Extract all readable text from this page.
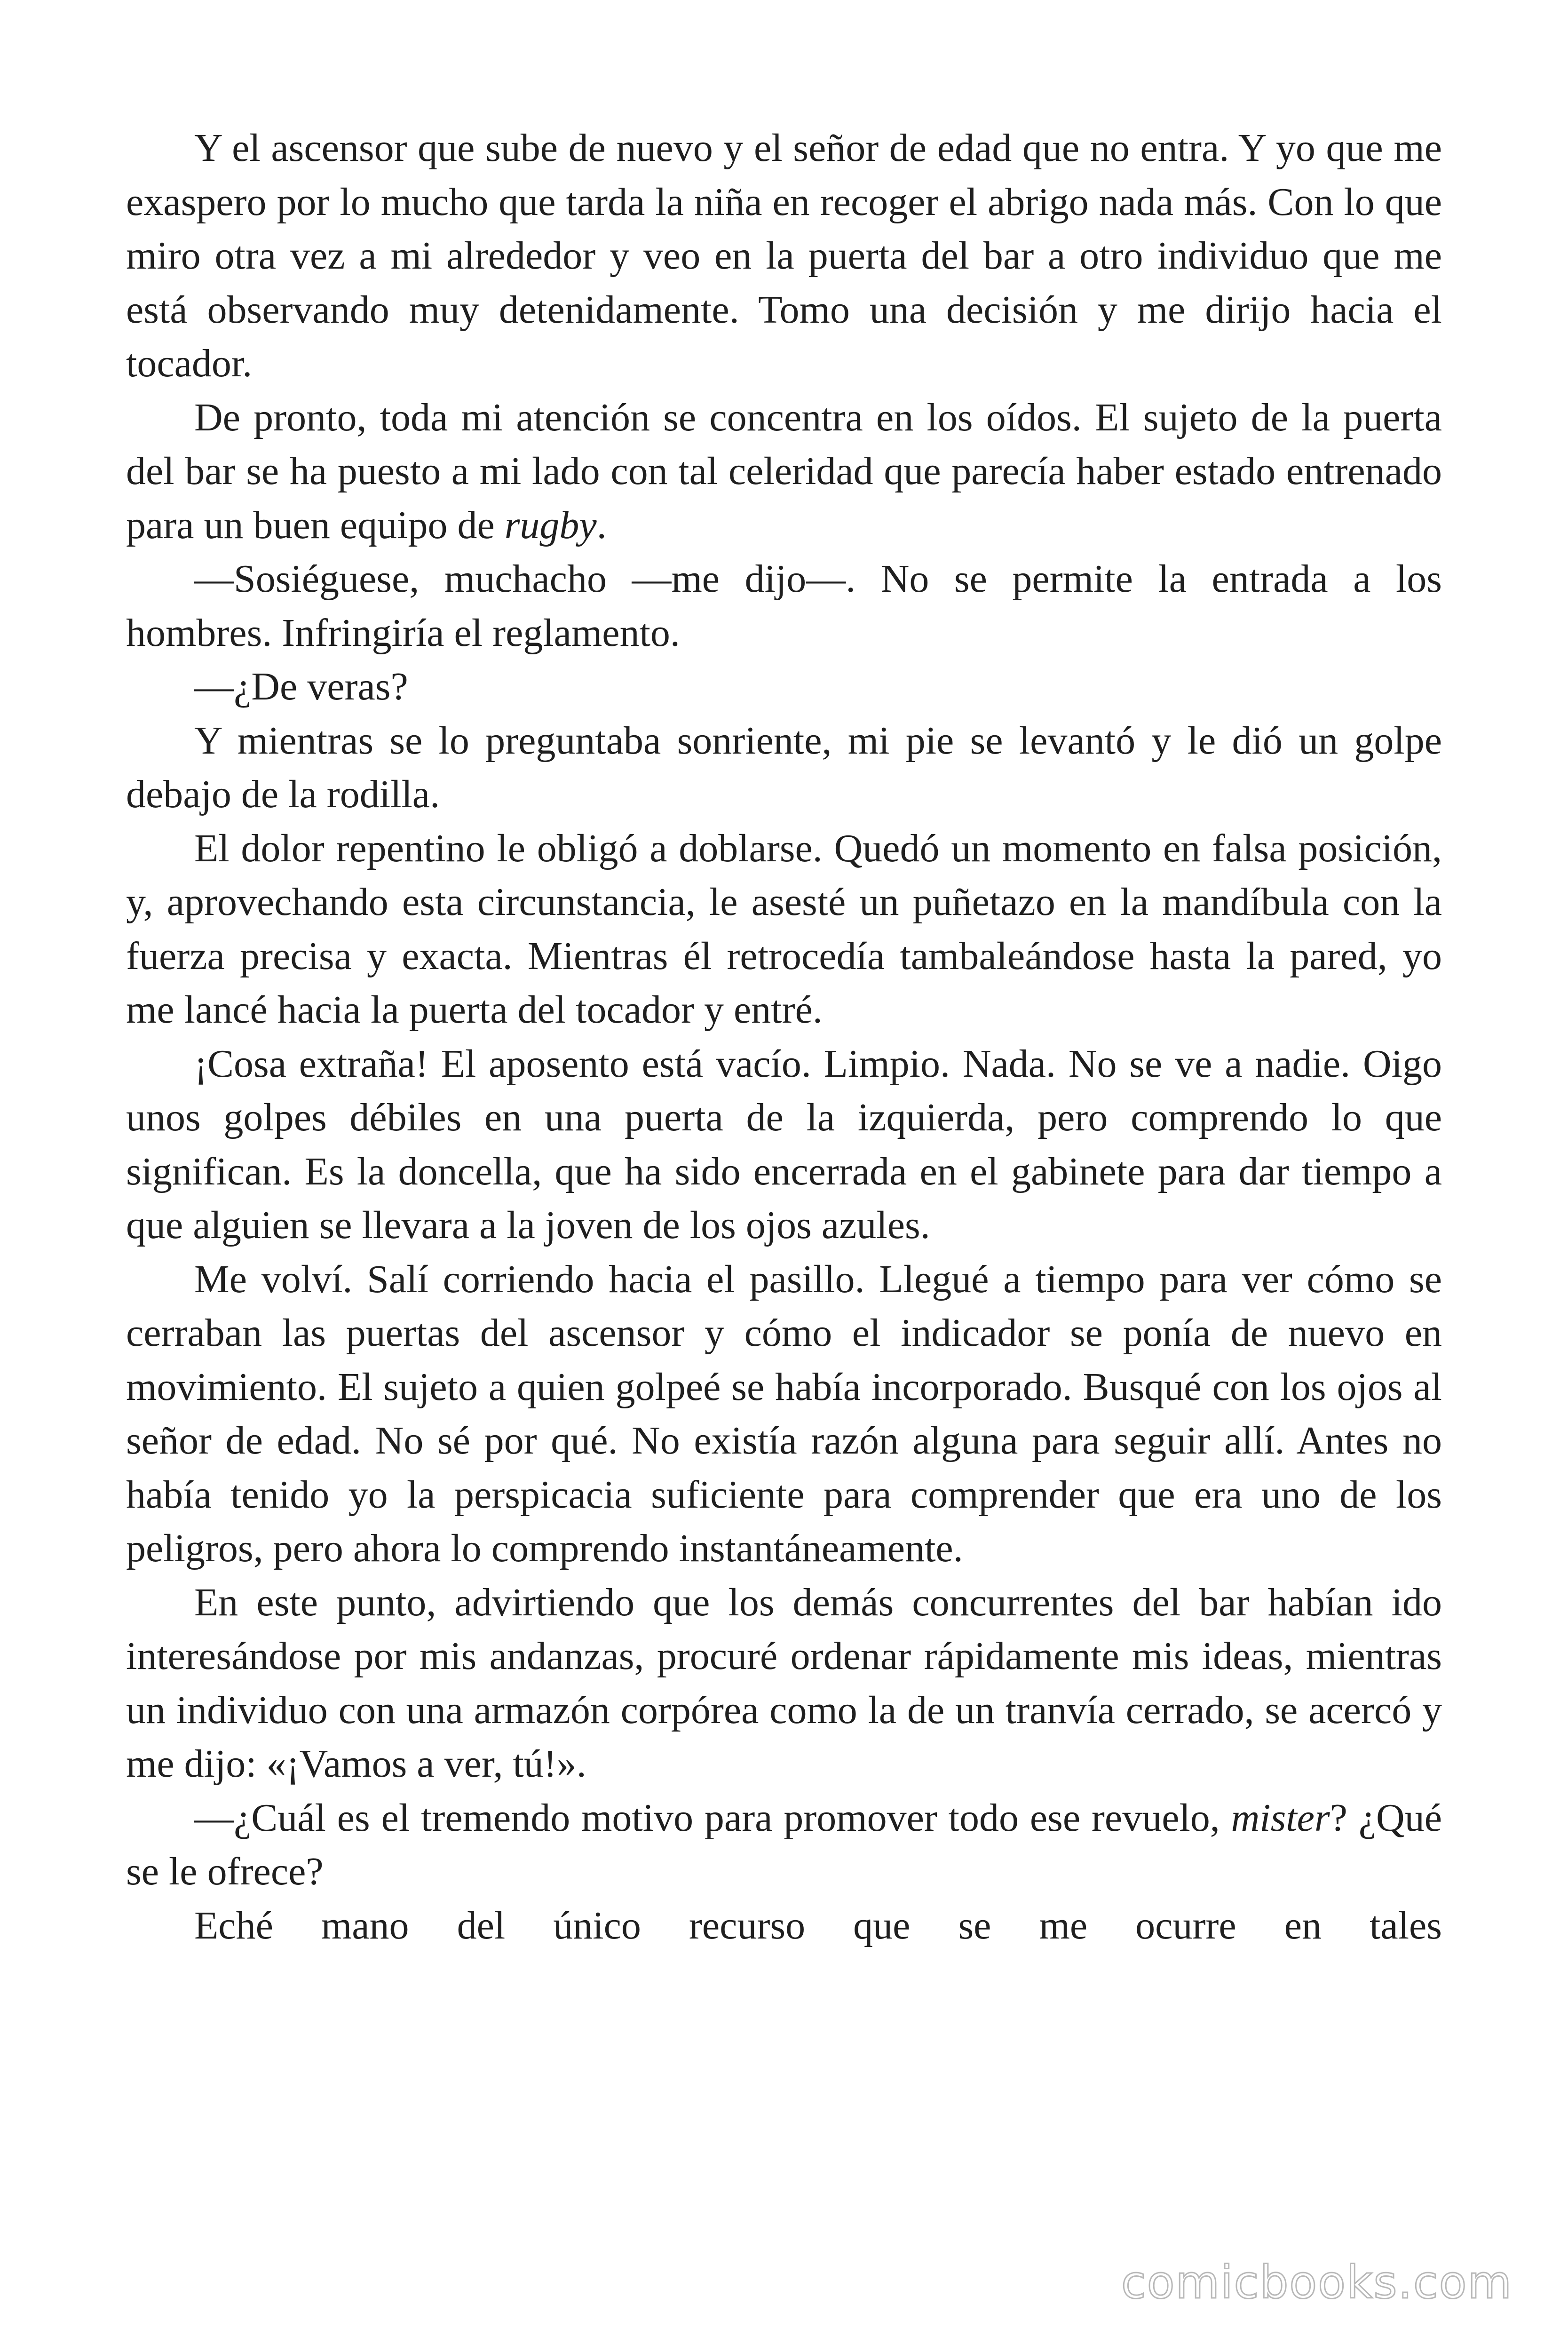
Y el ascensor que sube de nuevo y el señor de edad que no entra. Y yo que me exaspero por lo mucho que tarda la niña en recoger el abrigo nada más. Con lo que miro otra vez a mi alrededor y veo en la puerta del bar a otro individuo que me está observando muy detenidamente. Tomo una decisión y me dirijo hacia el tocador.

De pronto, toda mi atención se concentra en los oídos. El sujeto de la puerta del bar se ha puesto a mi lado con tal celeridad que parecía haber estado entrenado para un buen equipo de rugby.

—Sosiéguese, muchacho —me dijo—. No se permite la entrada a los hombres. Infringiría el reglamento.

—¿De veras?

Y mientras se lo preguntaba sonriente, mi pie se levantó y le dió un golpe debajo de la rodilla.

El dolor repentino le obligó a doblarse. Quedó un momento en falsa posición, y, aprovechando esta circunstancia, le asesté un puñetazo en la mandíbula con la fuerza precisa y exacta. Mientras él retrocedía tambaleándose hasta la pared, yo me lancé hacia la puerta del tocador y entré.

¡Cosa extraña! El aposento está vacío. Limpio. Nada. No se ve a nadie. Oigo unos golpes débiles en una puerta de la izquierda, pero comprendo lo que significan. Es la doncella, que ha sido encerrada en el gabinete para dar tiempo a que alguien se llevara a la joven de los ojos azules.

Me volví. Salí corriendo hacia el pasillo. Llegué a tiempo para ver cómo se cerraban las puertas del ascensor y cómo el indicador se ponía de nuevo en movimiento. El sujeto a quien golpeé se había incorporado. Busqué con los ojos al señor de edad. No sé por qué. No existía razón alguna para seguir allí. Antes no había tenido yo la perspicacia suficiente para comprender que era uno de los peligros, pero ahora lo comprendo instantáneamente.

En este punto, advirtiendo que los demás concurrentes del bar habían ido interesándose por mis andanzas, procuré ordenar rápidamente mis ideas, mientras un individuo con una armazón corpórea como la de un tranvía cerrado, se acercó y me dijo: «¡Vamos a ver, tú!».

—¿Cuál es el tremendo motivo para promover todo ese revuelo, mister? ¿Qué se le ofrece?

Eché mano del único recurso que se me ocurre en tales

comicbooks.com
